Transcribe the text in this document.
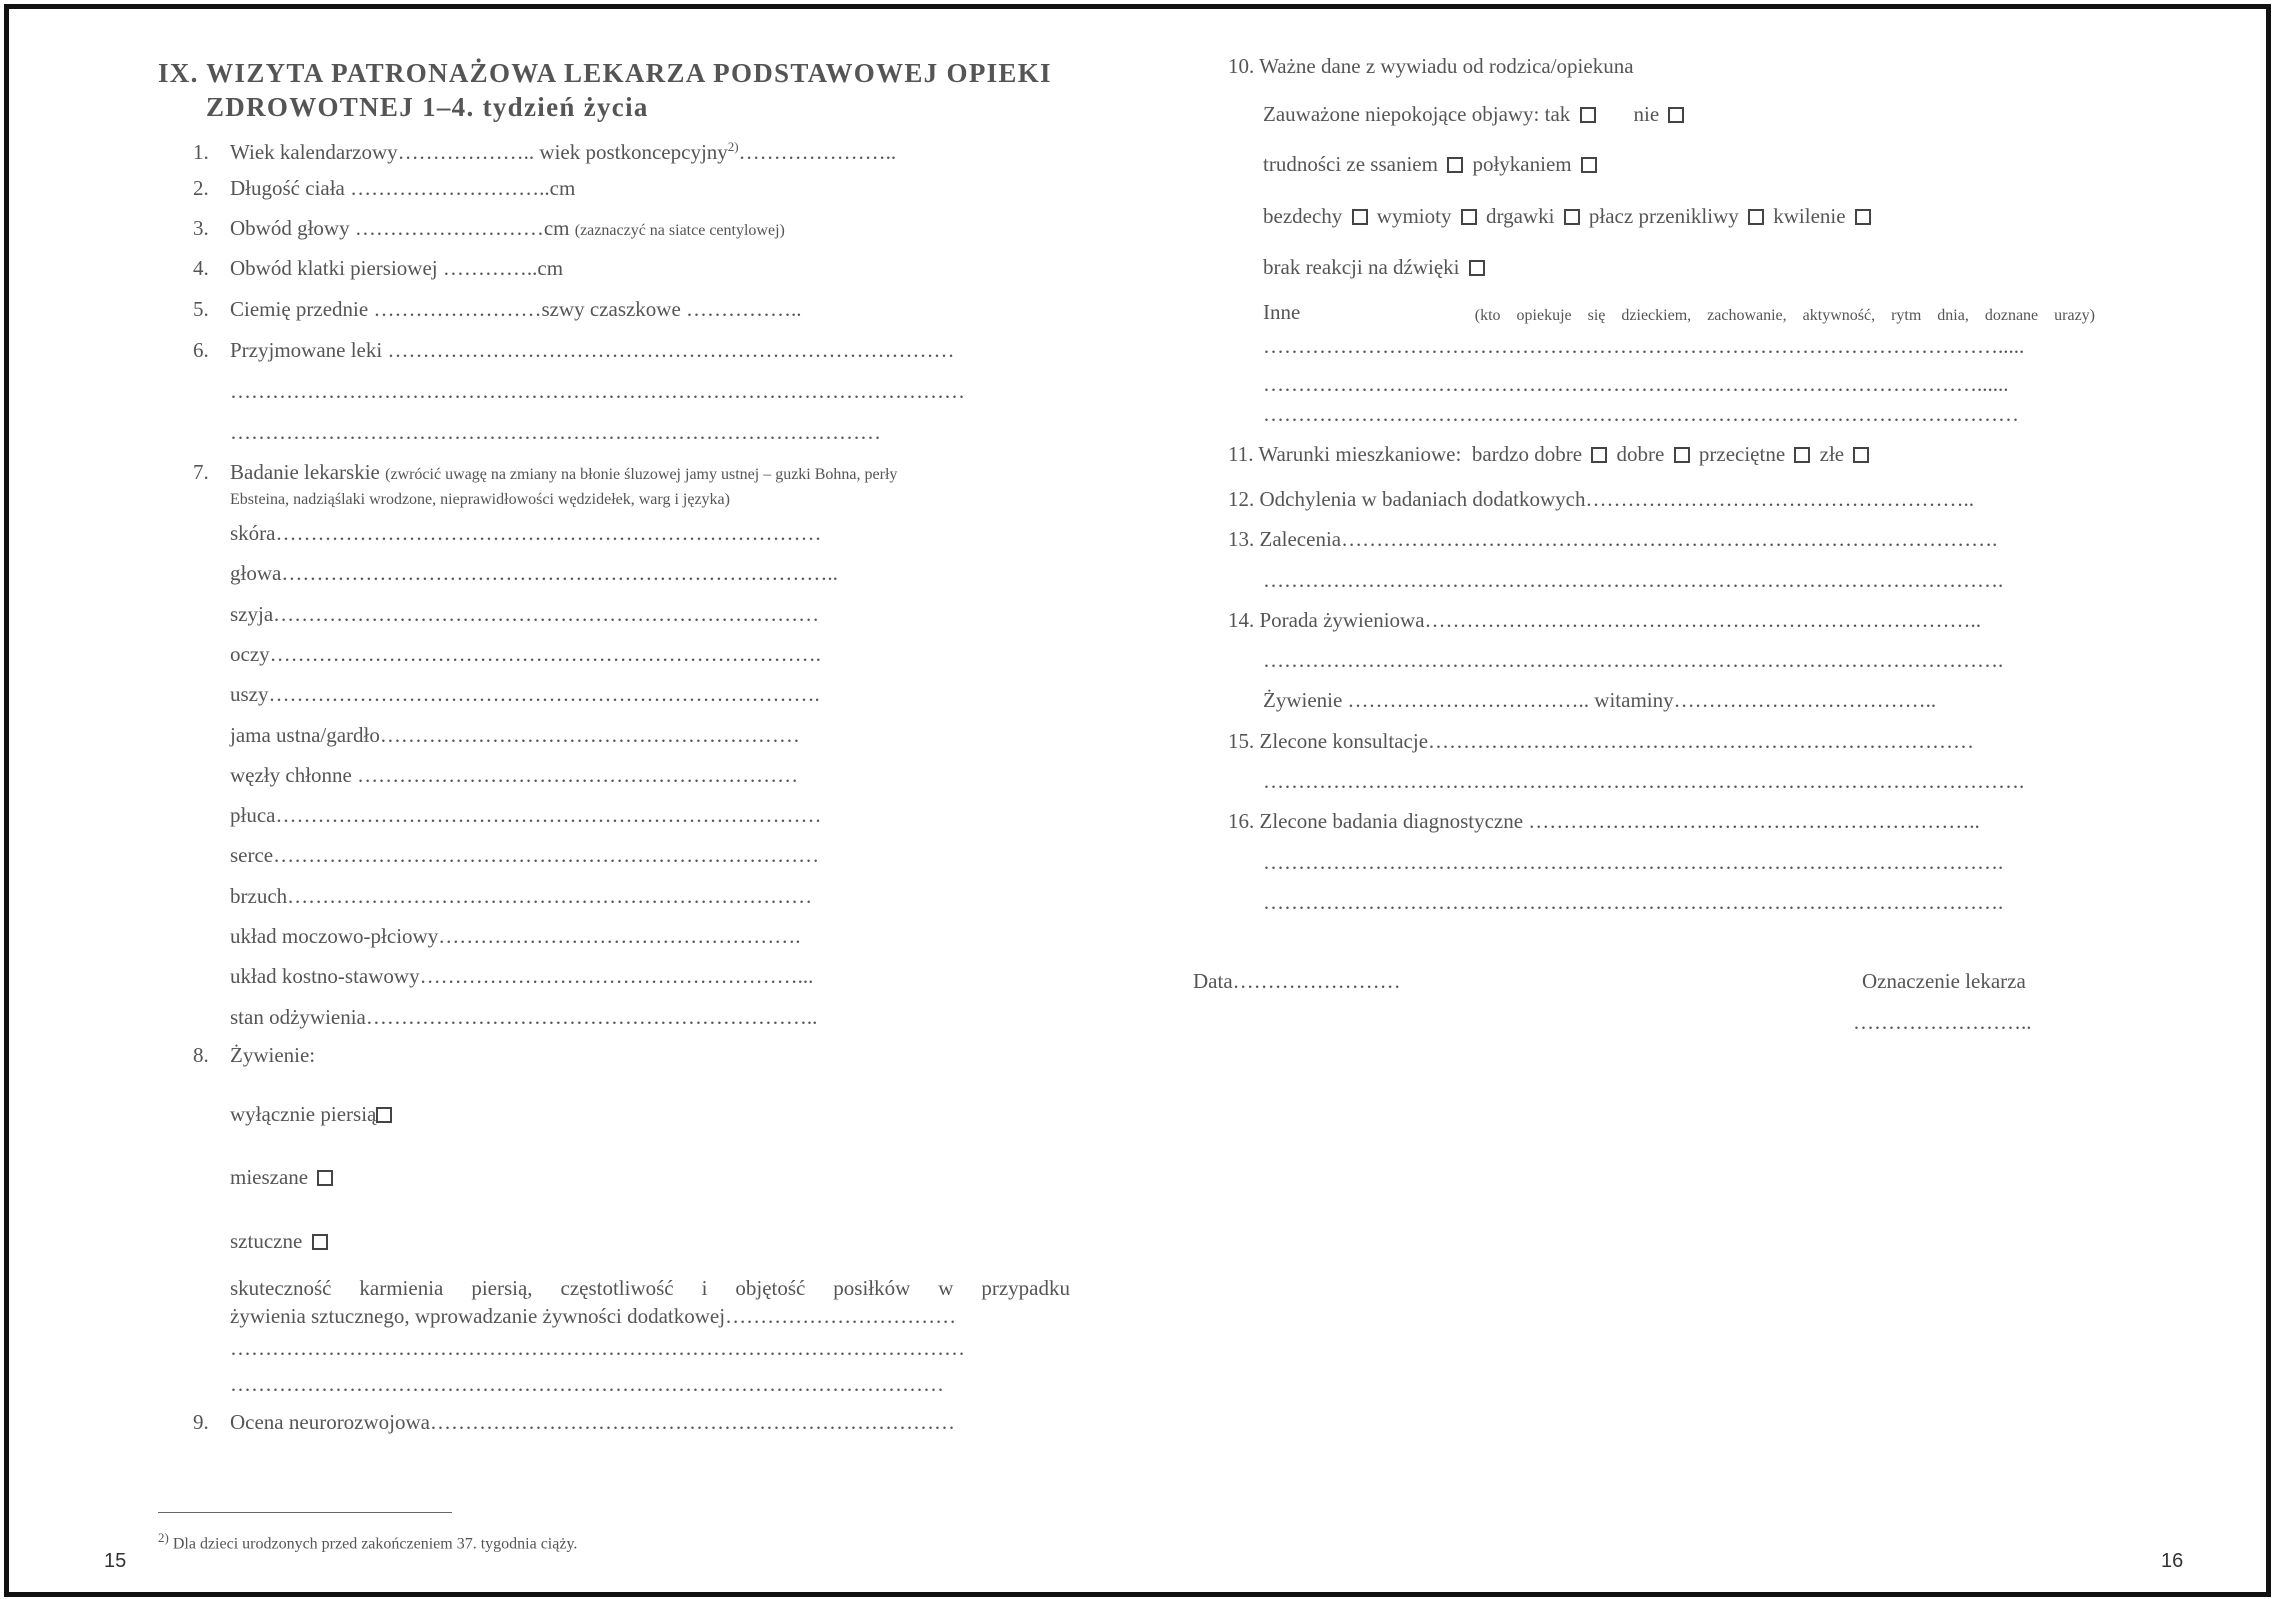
IX. WIZYTA PATRONAŻOWA LEKARZA PODSTAWOWEJ OPIEKI
ZDROWOTNEJ 1–4. tydzień życia
1. Wiek kalendarzowy……………….. wiek postkoncepcyjny$^{2)}$…………………..
2. Długość ciała ………………………..cm
3. Obwód głowy ………………………cm (zaznaczyć na siatce centylowej)
4. Obwód klatki piersiowej …………..cm
5. Ciemię przednie ……………………szwy czaszkowe ……………..
6. Przyjmowane leki ………………………………………………………………………
……………………………………………………………………………………………
…………………………………………………………………………………
7. Badanie lekarskie (zwrócić uwagę na zmiany na błonie śluzowej jamy ustnej – guzki Bohna, perły
Ebsteina, nadziąślaki wrodzone, nieprawidłowości wędzidełek, warg i języka)
skóra……………………………………………………………………
głowa……………………………………………………………………..
szyja……………………………………………………………………
oczy…………………………………………………………………….
uszy…………………………………………………………………….
jama ustna/gardło……………………………………………………
węzły chłonne ………………………………………………………
płuca……………………………………………………………………
serce……………………………………………………………………
brzuch…………………………………………………………………
układ moczowo-płciowy…………………………………………….
układ kostno-stawowy………………………………………………...
stan odżywienia………………………………………………………..
8. Żywienie:
wyłącznie piersią
mieszane
sztuczne
skuteczność karmienia piersią, częstotliwość i objętość posiłków w przypadku
żywienia sztucznego, wprowadzanie żywności dodatkowej……………………………
……………………………………………………………………………………………
…………………………………………………………………………………………
9. Ocena neurorozwojowa…………………………………………………………………
$^{2)}$ Dla dzieci urodzonych przed zakończeniem 37. tygodnia ciąży.
15
10. Ważne dane z wywiadu od rodzica/opiekuna
Zauważone niepokojące objawy: tak	nie
trudności ze ssaniem połykaniem
bezdechy wymioty drgawki płacz przenikliwy kwilenie
brak reakcji na dźwięki
Inne	(kto opiekuje się dzieckiem, zachowanie, aktywność, rytm dnia, doznane urazy)
…………………………………………………………………………………………….....
…………………………………………………………………………………………......
………………………………………………………………………………………………
11. Warunki mieszkaniowe: bardzo dobre dobre przeciętne złe
12. Odchylenia w badaniach dodatkowych………………………………………………..
13. Zalecenia………………………………………………………………………………….
…………………………………………………………………………………………….
14. Porada żywieniowa……………………………………………………………………..
…………………………………………………………………………………………….
Żywienie …………………………….. witaminy………………………………..
15. Zlecone konsultacje……………………………………………………………………
……………………………………………………………………………………………….
16. Zlecone badania diagnostyczne ………………………………………………………..
…………………………………………………………………………………………….
…………………………………………………………………………………………….
Data……………………	Oznaczenie lekarza
……………………..
16
